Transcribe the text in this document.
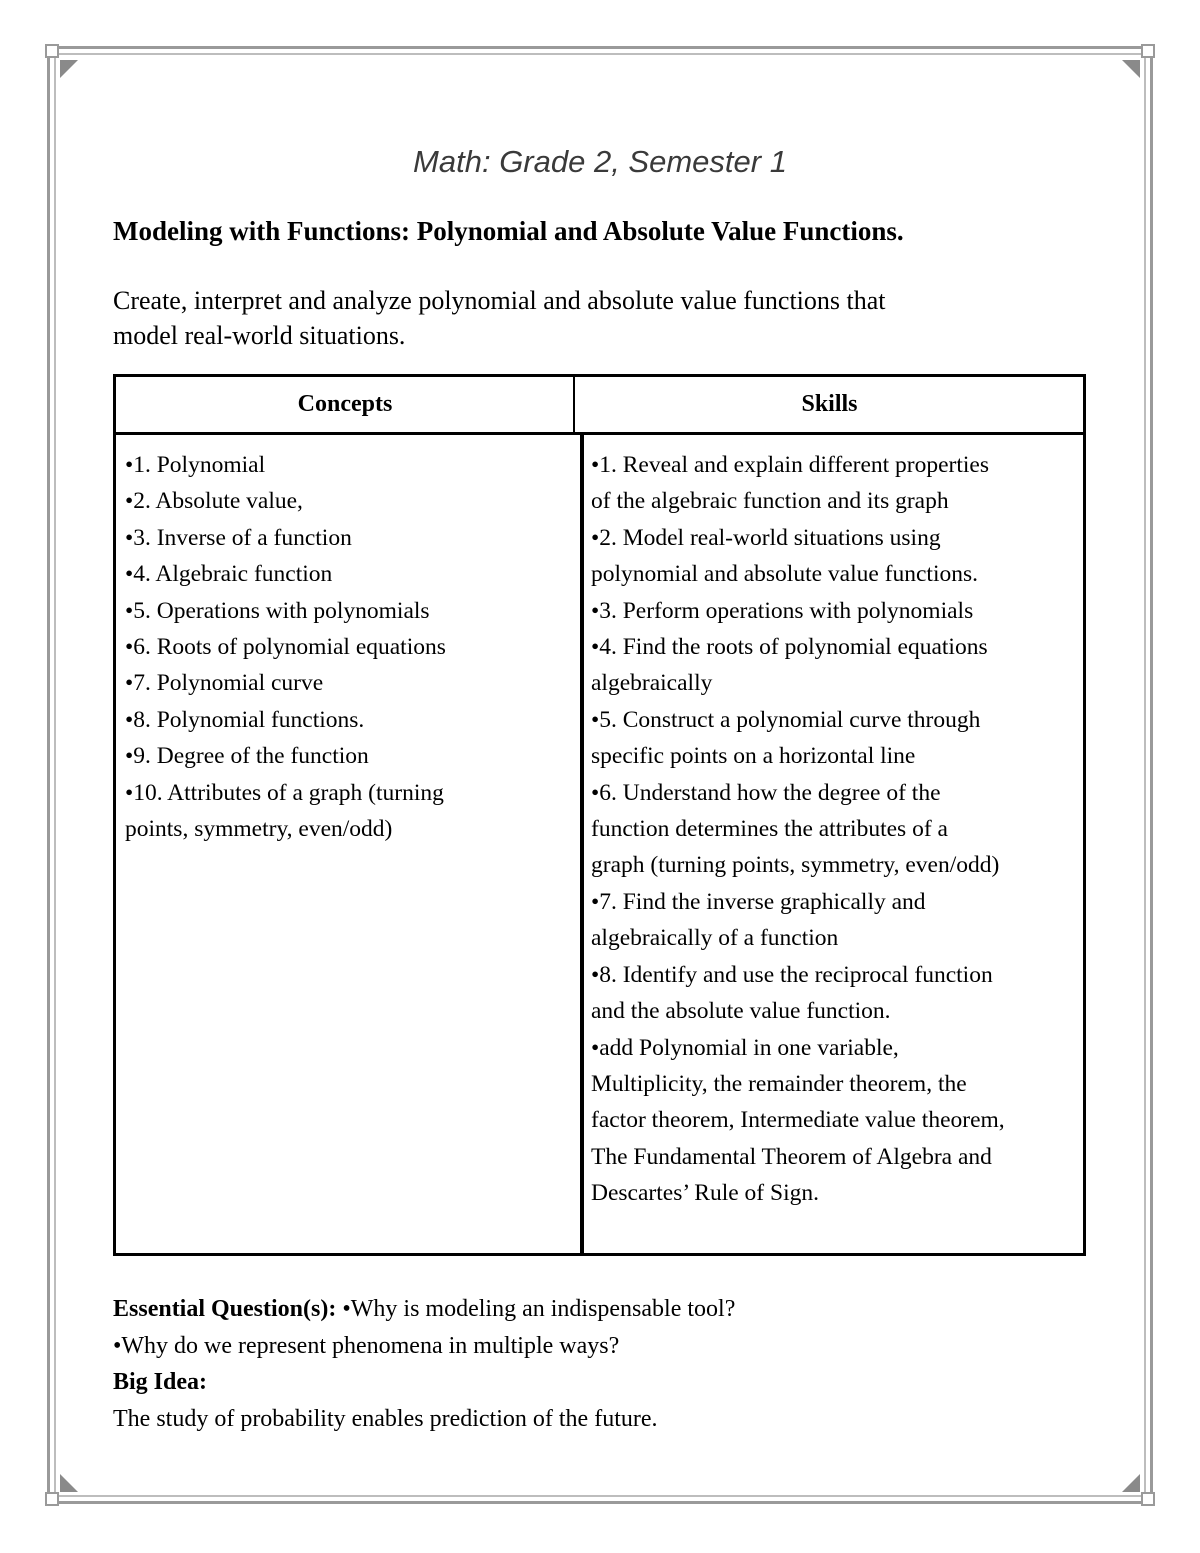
Math: Grade 2, Semester 1
Modeling with Functions: Polynomial and Absolute Value Functions.
Create, interpret and analyze polynomial and absolute value functions that
model real-world situations.
Concepts	Skills
•1. Polynomial
•2. Absolute value,
•3. Inverse of a function
•4. Algebraic function
•5. Operations with polynomials
•6. Roots of polynomial equations
•7. Polynomial curve
•8. Polynomial functions.
•9. Degree of the function
•10. Attributes of a graph (turning
points, symmetry, even/odd)
•1. Reveal and explain different properties
of the algebraic function and its graph
•2. Model real-world situations using
polynomial and absolute value functions.
•3. Perform operations with polynomials
•4. Find the roots of polynomial equations
algebraically
•5. Construct a polynomial curve through
specific points on a horizontal line
•6. Understand how the degree of the
function determines the attributes of a
graph (turning points, symmetry, even/odd)
•7. Find the inverse graphically and
algebraically of a function
•8. Identify and use the reciprocal function
and the absolute value function.
•add Polynomial in one variable,
Multiplicity, the remainder theorem, the
factor theorem, Intermediate value theorem,
The Fundamental Theorem of Algebra and
Descartes’ Rule of Sign.
Essential Question(s): •Why is modeling an indispensable tool?
•Why do we represent phenomena in multiple ways?
Big Idea:
The study of probability enables prediction of the future.
